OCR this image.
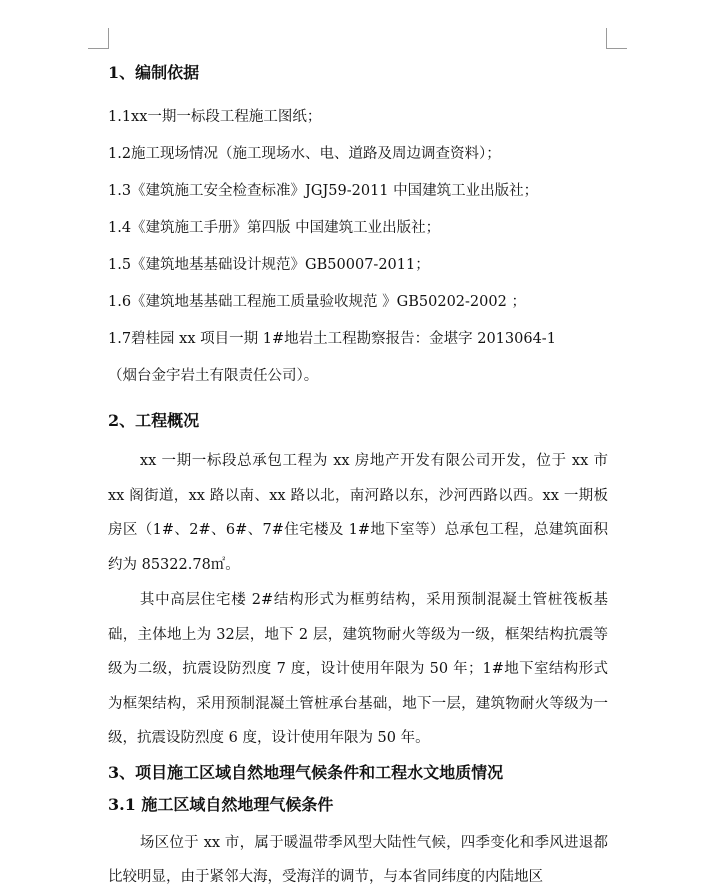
1、编制依据

1.1xx一期一标段工程施工图纸；

1.2施工现场情况（施工现场水、电、道路及周边调查资料）；

1.3《建筑施工安全检查标准》JGJ59-2011 中国建筑工业出版社；

1.4《建筑施工手册》第四版 中国建筑工业出版社；

1.5《建筑地基基础设计规范》GB50007-2011；

1.6《建筑地基基础工程施工质量验收规范 》GB50202-2002 ；

1.7碧桂园 xx 项目一期 1#地岩土工程勘察报告：金堪字 2013064-1

（烟台金宇岩土有限责任公司）。

2、工程概况

xx 一期一标段总承包工程为 xx 房地产开发有限公司开发，位于 xx 市 xx 阁街道，xx 路以南、xx 路以北，南河路以东，沙河西路以西。xx 一期板房区（1#、2#、6#、7#住宅楼及 1#地下室等）总承包工程，总建筑面积约为 85322.78㎡。

其中高层住宅楼 2#结构形式为框剪结构，采用预制混凝土管桩筏板基础，主体地上为 32层，地下 2 层，建筑物耐火等级为一级，框架结构抗震等级为二级，抗震设防烈度 7 度，设计使用年限为 50 年；1#地下室结构形式为框架结构，采用预制混凝土管桩承台基础，地下一层，建筑物耐火等级为一级，抗震设防烈度 6 度，设计使用年限为 50 年。

3、项目施工区域自然地理气候条件和工程水文地质情况

3.1 施工区域自然地理气候条件

场区位于 xx 市，属于暖温带季风型大陆性气候，四季变化和季风进退都比较明显，由于紧邻大海，受海洋的调节，与本省同纬度的内陆地区
